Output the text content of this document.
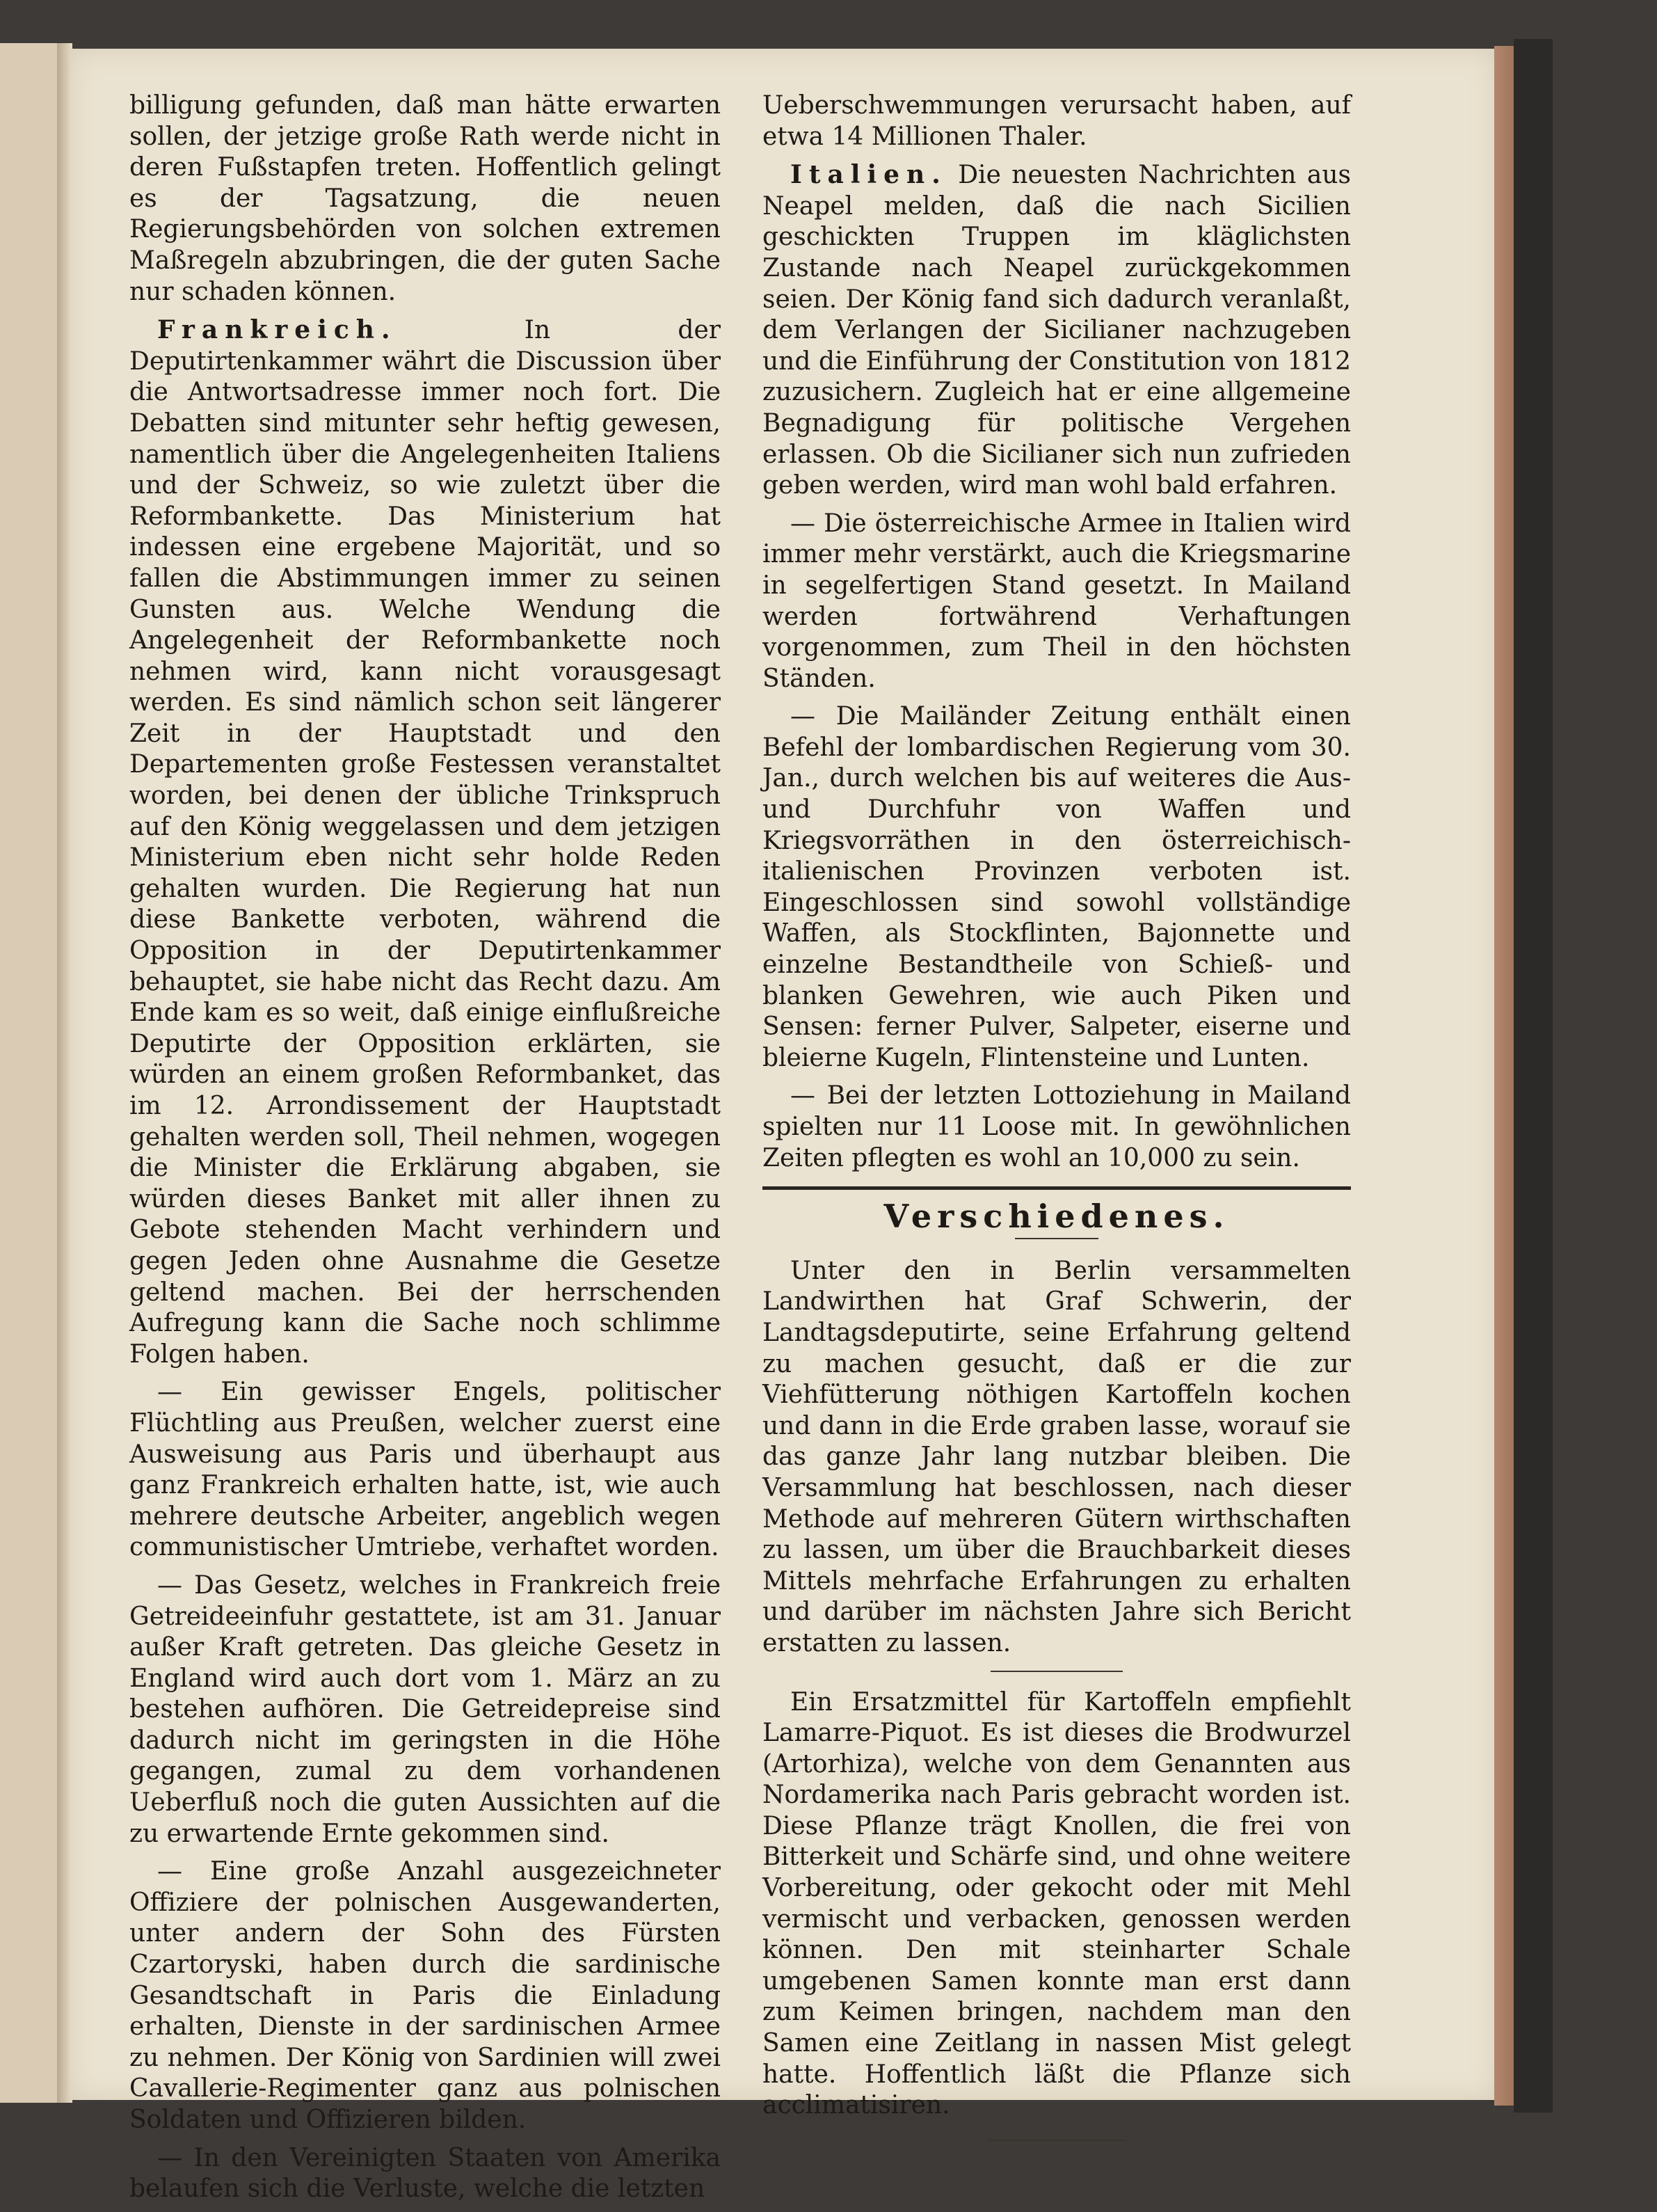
billigung gefunden, daß man hätte erwarten sollen, der jetzige große Rath werde nicht in deren Fußstapfen treten. Hoffentlich gelingt es der Tagsatzung, die neuen Regierungsbehörden von solchen extremen Maßregeln abzubringen, die der guten Sache nur schaden können.

Frankreich.	In der Deputirtenkammer währt die Discussion über die Antwortsadresse immer noch fort. Die Debatten sind mitunter sehr heftig gewesen, namentlich über die Angelegenheiten Italiens und der Schweiz, so wie zuletzt über die Reformbankette. Das Ministerium hat indessen eine ergebene Majorität, und so fallen die Abstimmungen immer zu seinen Gunsten aus. Welche Wendung die Angelegenheit der Reformbankette noch nehmen wird, kann nicht vorausgesagt werden. Es sind nämlich schon seit längerer Zeit in der Hauptstadt und den Departementen große Festessen veranstaltet worden, bei denen der übliche Trinkspruch auf den König weggelassen und dem jetzigen Ministerium eben nicht sehr holde Reden gehalten wurden. Die Regierung hat nun diese Bankette verboten, während die Opposition in der Deputirtenkammer behauptet, sie habe nicht das Recht dazu. Am Ende kam es so weit, daß einige einflußreiche Deputirte der Opposition erklärten, sie würden an einem großen Reformbanket, das im 12. Arrondissement der Hauptstadt gehalten werden soll, Theil nehmen, wogegen die Minister die Erklärung abgaben, sie würden dieses Banket mit aller ihnen zu Gebote stehenden Macht verhindern und gegen Jeden ohne Ausnahme die Gesetze geltend machen. Bei der herrschenden Aufregung kann die Sache noch schlimme Folgen haben.

— Ein gewisser Engels, politischer Flüchtling aus Preußen, welcher zuerst eine Ausweisung aus Paris und überhaupt aus ganz Frankreich erhalten hatte, ist, wie auch mehrere deutsche Arbeiter, angeblich wegen communistischer Umtriebe, verhaftet worden.

— Das Gesetz, welches in Frankreich freie Getreideeinfuhr gestattete, ist am 31. Januar außer Kraft getreten. Das gleiche Gesetz in England wird auch dort vom 1. März an zu bestehen aufhören. Die Getreidepreise sind dadurch nicht im geringsten in die Höhe gegangen, zumal zu dem vorhandenen Ueberfluß noch die guten Aussichten auf die zu erwartende Ernte gekommen sind.

— Eine große Anzahl ausgezeichneter Offiziere der polnischen Ausgewanderten, unter andern der Sohn des Fürsten Czartoryski, haben durch die sardinische Gesandtschaft in Paris die Einladung erhalten, Dienste in der sardinischen Armee zu nehmen. Der König von Sardinien will zwei Cavallerie-Regimenter ganz aus polnischen Soldaten und Offizieren bilden.

— In den Vereinigten Staaten von Amerika belaufen sich die Verluste, welche die letzten

Ueberschwemmungen verursacht haben, auf etwa 14 Millionen Thaler.

Italien. Die neuesten Nachrichten aus Neapel melden, daß die nach Sicilien geschickten Truppen im kläglichsten Zustande nach Neapel zurückgekommen seien. Der König fand sich dadurch veranlaßt, dem Verlangen der Sicilianer nachzugeben und die Einführung der Constitution von 1812 zuzusichern. Zugleich hat er eine allgemeine Begnadigung für politische Vergehen erlassen. Ob die Sicilianer sich nun zufrieden geben werden, wird man wohl bald erfahren.

— Die österreichische Armee in Italien wird immer mehr verstärkt, auch die Kriegsmarine in segelfertigen Stand gesetzt. In Mailand werden fortwährend Verhaftungen vorgenommen, zum Theil in den höchsten Ständen.

— Die Mailänder Zeitung enthält einen Befehl der lombardischen Regierung vom 30. Jan., durch welchen bis auf weiteres die Aus- und Durchfuhr von Waffen und Kriegsvorräthen in den österreichisch-italienischen Provinzen verboten ist. Eingeschlossen sind sowohl vollständige Waffen, als Stockflinten, Bajonnette und einzelne Bestandtheile von Schieß- und blanken Gewehren, wie auch Piken und Sensen: ferner Pulver, Salpeter, eiserne und bleierne Kugeln, Flintensteine und Lunten.

— Bei der letzten Lottoziehung in Mailand spielten nur 11 Loose mit. In gewöhnlichen Zeiten pflegten es wohl an 10,000 zu sein.

Verschiedenes.

Unter den in Berlin versammelten Landwirthen hat Graf Schwerin, der Landtagsdeputirte, seine Erfahrung geltend zu machen gesucht, daß er die zur Viehfütterung nöthigen Kartoffeln kochen und dann in die Erde graben lasse, worauf sie das ganze Jahr lang nutzbar bleiben. Die Versammlung hat beschlossen, nach dieser Methode auf mehreren Gütern wirthschaften zu lassen, um über die Brauchbarkeit dieses Mittels mehrfache Erfahrungen zu erhalten und darüber im nächsten Jahre sich Bericht erstatten zu lassen.

Ein Ersatzmittel für Kartoffeln empfiehlt Lamarre-Piquot. Es ist dieses die Brodwurzel (Artorhiza), welche von dem Genannten aus Nordamerika nach Paris gebracht worden ist. Diese Pflanze trägt Knollen, die frei von Bitterkeit und Schärfe sind, und ohne weitere Vorbereitung, oder gekocht oder mit Mehl vermischt und verbacken, genossen werden können. Den mit steinharter Schale umgebenen Samen konnte man erst dann zum Keimen bringen, nachdem man den Samen eine Zeitlang in nassen Mist gelegt hatte. Hoffentlich läßt die Pflanze sich acclimatisiren.
